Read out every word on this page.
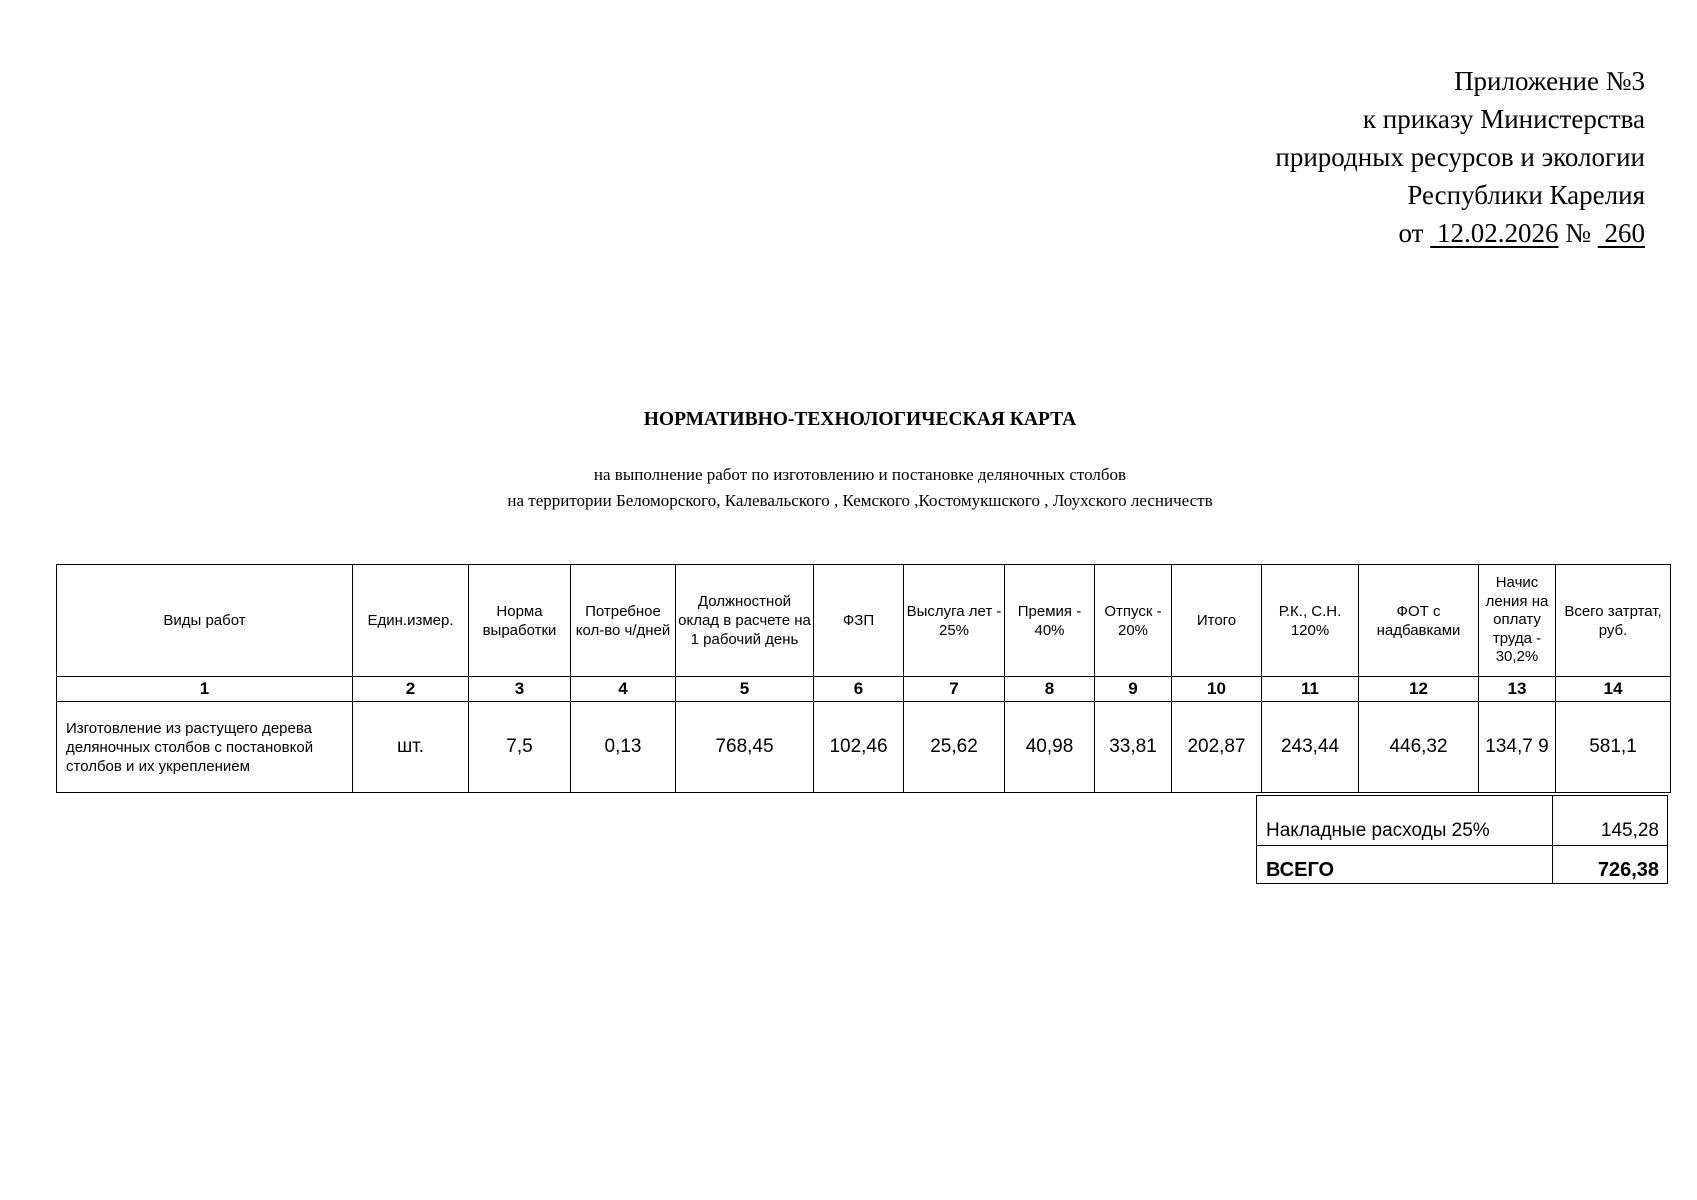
Приложение №3
к приказу Министерства
природных ресурсов и экологии
Республики Карелия
от 12.02.2026 № 260
НОРМАТИВНО-ТЕХНОЛОГИЧЕСКАЯ КАРТА
на выполнение работ по изготовлению и постановке деляночных столбов
на территории Беломорского, Калевальского , Кемского ,Костомукшского , Лоухского лесничеств
Виды работ	Един.измер.	Норма выработки	Потребное кол-во ч/дней	Должностной оклад в расчете на 1 рабочий день	ФЗП	Выслуга лет - 25%	Премия - 40%	Отпуск - 20%	Итого	Р.К., С.Н. 120%	ФОТ с надбавками	Начис ления на оплату труда - 30,2%	Всего затртат, руб.
1	2	3	4	5	6	7	8	9	10	11	12	13	14
Изготовление из растущего дерева деляночных столбов с постановкой столбов и их укреплением	шт.	7,5	0,13	768,45	102,46	25,62	40,98	33,81	202,87	243,44	446,32	134,7 9	581,1
Накладные расходы 25%	145,28
ВСЕГО	726,38
